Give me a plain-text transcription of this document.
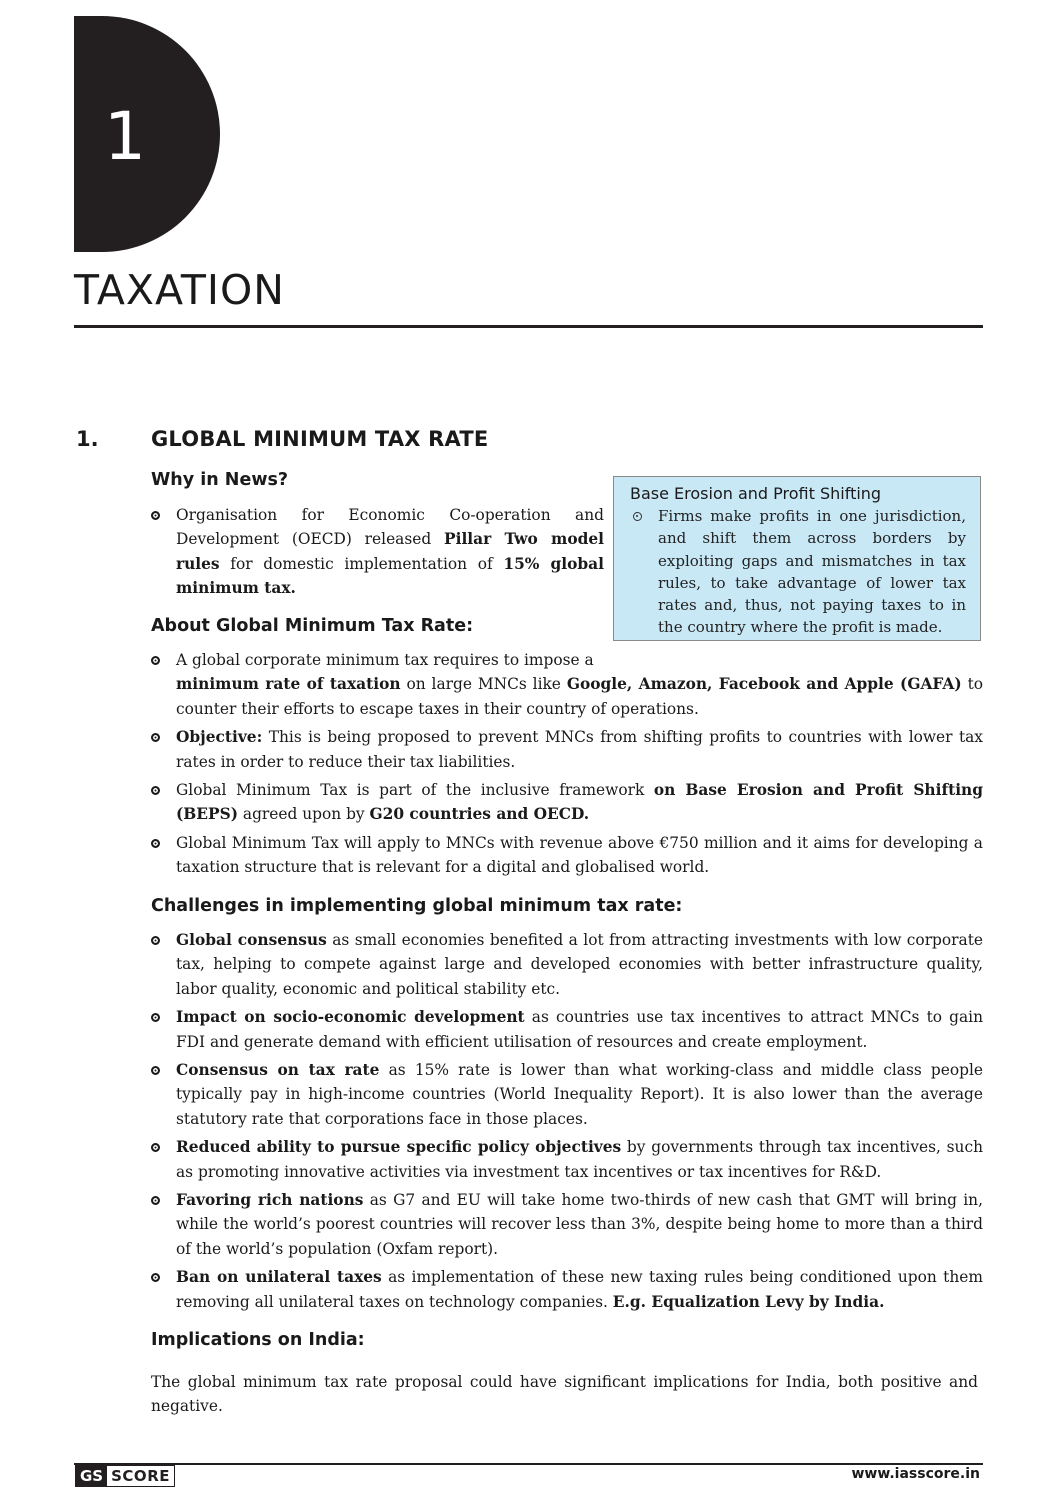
1
TAXATION
1. GLOBAL MINIMUM TAX RATE
Why in News?
Organisation for Economic Co-operation and Development (OECD) released Pillar Two model rules for domestic implementation of 15% global minimum tax.
Base Erosion and Profit Shifting
Firms make profits in one jurisdiction, and shift them across borders by exploiting gaps and mismatches in tax rules, to take advantage of lower tax rates and, thus, not paying taxes to in the country where the profit is made.
About Global Minimum Tax Rate:
A global corporate minimum tax requires to impose a
minimum rate of taxation on large MNCs like Google, Amazon, Facebook and Apple (GAFA) to counter their efforts to escape taxes in their country of operations.
Objective: This is being proposed to prevent MNCs from shifting profits to countries with lower tax rates in order to reduce their tax liabilities.
Global Minimum Tax is part of the inclusive framework on Base Erosion and Profit Shifting (BEPS) agreed upon by G20 countries and OECD.
Global Minimum Tax will apply to MNCs with revenue above €750 million and it aims for developing a taxation structure that is relevant for a digital and globalised world.
Challenges in implementing global minimum tax rate:
Global consensus as small economies benefited a lot from attracting investments with low corporate tax, helping to compete against large and developed economies with better infrastructure quality, labor quality, economic and political stability etc.
Impact on socio-economic development as countries use tax incentives to attract MNCs to gain FDI and generate demand with efficient utilisation of resources and create employment.
Consensus on tax rate as 15% rate is lower than what working-class and middle class people typically pay in high-income countries (World Inequality Report). It is also lower than the average statutory rate that corporations face in those places.
Reduced ability to pursue specific policy objectives by governments through tax incentives, such as promoting innovative activities via investment tax incentives or tax incentives for R&D.
Favoring rich nations as G7 and EU will take home two-thirds of new cash that GMT will bring in, while the world’s poorest countries will recover less than 3%, despite being home to more than a third of the world’s population (Oxfam report).
Ban on unilateral taxes as implementation of these new taxing rules being conditioned upon them removing all unilateral taxes on technology companies. E.g. Equalization Levy by India.
Implications on India:

The global minimum tax rate proposal could have significant implications for India, both positive and negative.

GS SCORE	www.iasscore.in
